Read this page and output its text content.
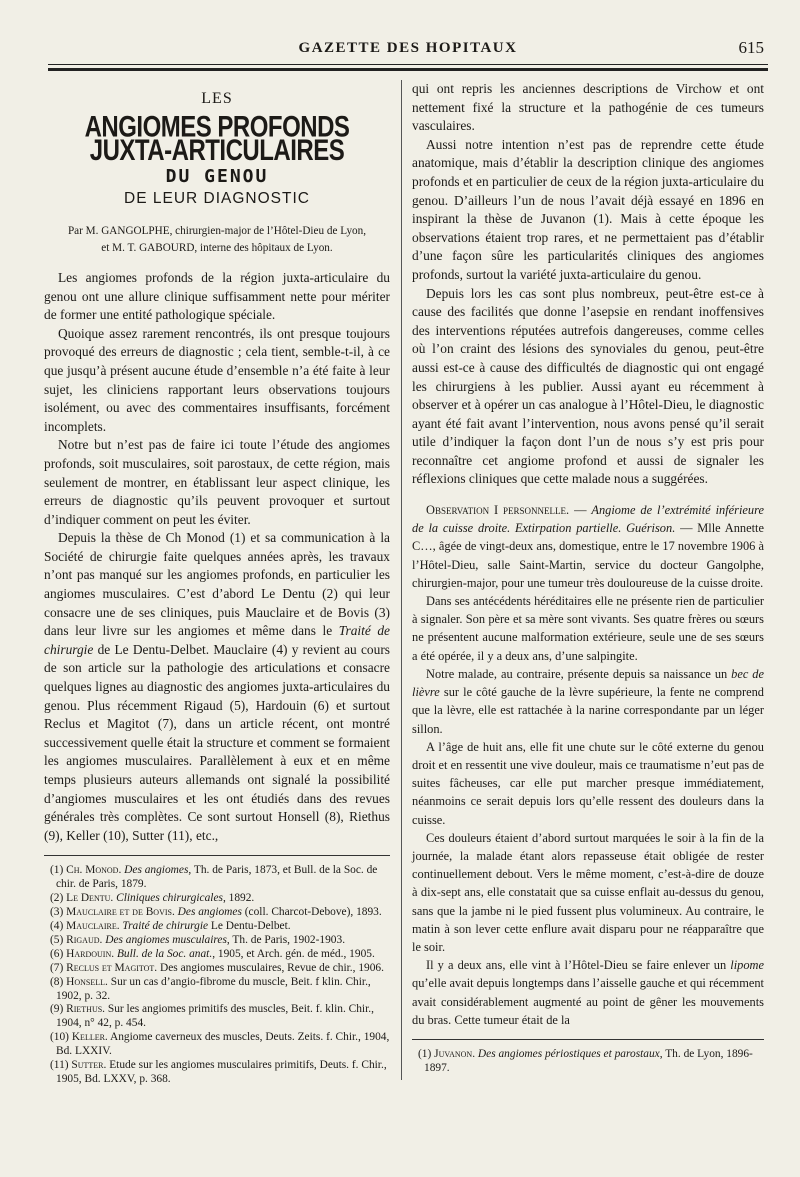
GAZETTE DES HOPITAUX	615
LES
ANGIOMES PROFONDS JUXTA-ARTICULAIRES
DU GENOU
DE LEUR DIAGNOSTIC
Par M. GANGOLPHE, chirurgien-major de l’Hôtel-Dieu de Lyon,
et M. T. GABOURD, interne des hôpitaux de Lyon.

Les angiomes profonds de la région juxta-articulaire du genou ont une allure clinique suffisamment nette pour mériter de former une entité pathologique spéciale.

Quoique assez rarement rencontrés, ils ont presque toujours provoqué des erreurs de diagnostic ; cela tient, semble-t-il, à ce que jusqu’à présent aucune étude d’ensemble n’a été faite à leur sujet, les cliniciens rapportant leurs observations toujours isolément, ou avec des commentaires insuffisants, forcément incomplets.

Notre but n’est pas de faire ici toute l’étude des angiomes profonds, soit musculaires, soit parostaux, de cette région, mais seulement de montrer, en établissant leur aspect clinique, les erreurs de diagnostic qu’ils peuvent provoquer et surtout d’indiquer comment on peut les éviter.

Depuis la thèse de Ch Monod (1) et sa communication à la Société de chirurgie faite quelques années après, les travaux n’ont pas manqué sur les angiomes profonds, en particulier les angiomes musculaires. C’est d’abord Le Dentu (2) qui leur consacre une de ses cliniques, puis Mauclaire et de Bovis (3) dans leur livre sur les angiomes et même dans le Traité de chirurgie de Le Dentu-Delbet. Mauclaire (4) y revient au cours de son article sur la pathologie des articulations et consacre quelques lignes au diagnostic des angiomes juxta-articulaires du genou. Plus récemment Rigaud (5), Hardouin (6) et surtout Reclus et Magitot (7), dans un article récent, ont montré successivement quelle était la structure et comment se formaient les angiomes musculaires. Parallèlement à eux et en même temps plusieurs auteurs allemands ont signalé la possibilité d’angiomes musculaires et les ont étudiés dans des revues générales très complètes. Ce sont surtout Honsell (8), Riethus (9), Keller (10), Sutter (11), etc.,

(1) Ch. Monod. Des angiomes, Th. de Paris, 1873, et Bull. de la Soc. de chir. de Paris, 1879.
(2) Le Dentu. Cliniques chirurgicales, 1892.
(3) Mauclaire et de Bovis. Des angiomes (coll. Charcot-Debove), 1893.
(4) Mauclaire. Traité de chirurgie Le Dentu-Delbet.
(5) Rigaud. Des angiomes musculaires, Th. de Paris, 1902-1903.
(6) Hardouin. Bull. de la Soc. anat., 1905, et Arch. gén. de méd., 1905.
(7) Reclus et Magitot. Des angiomes musculaires, Revue de chir., 1906.
(8) Honsell. Sur un cas d’angio-fibrome du muscle, Beit. f klin. Chir., 1902, p. 32.
(9) Riethus. Sur les angiomes primitifs des muscles, Beit. f. klin. Chir., 1904, n° 42, p. 454.
(10) Keller. Angiome caverneux des muscles, Deuts. Zeits. f. Chir., 1904, Bd. LXXIV.
(11) Sutter. Etude sur les angiomes musculaires primitifs, Deuts. f. Chir., 1905, Bd. LXXV, p. 368.

qui ont repris les anciennes descriptions de Virchow et ont nettement fixé la structure et la pathogénie de ces tumeurs vasculaires.

Aussi notre intention n’est pas de reprendre cette étude anatomique, mais d’établir la description clinique des angiomes profonds et en particulier de ceux de la région juxta-articulaire du genou. D’ailleurs l’un de nous l’avait déjà essayé en 1896 en inspirant la thèse de Juvanon (1). Mais à cette époque les observations étaient trop rares, et ne permettaient pas d’établir d’une façon sûre les particularités cliniques des angiomes profonds, surtout la variété juxta-articulaire du genou.

Depuis lors les cas sont plus nombreux, peut-être est-ce à cause des facilités que donne l’asepsie en rendant inoffensives des interventions réputées autrefois dangereuses, comme celles où l’on craint des lésions des synoviales du genou, peut-être aussi est-ce à cause des difficultés de diagnostic qui ont engagé les chirurgiens à les publier. Aussi ayant eu récemment à observer et à opérer un cas analogue à l’Hôtel-Dieu, le diagnostic ayant été fait avant l’intervention, nous avons pensé qu’il serait utile d’indiquer la façon dont l’un de nous s’y est pris pour reconnaître cet angiome profond et aussi de signaler les réflexions cliniques que cette malade nous a suggérées.

Observation I personnelle. — Angiome de l’extrémité inférieure de la cuisse droite. Extirpation partielle. Guérison. — Mlle Annette C…, âgée de vingt-deux ans, domestique, entre le 17 novembre 1906 à l’Hôtel-Dieu, salle Saint-Martin, service du docteur Gangolphe, chirurgien-major, pour une tumeur très douloureuse de la cuisse droite.
Dans ses antécédents héréditaires elle ne présente rien de particulier à signaler. Son père et sa mère sont vivants. Ses quatre frères ou sœurs ne présentent aucune malformation extérieure, seule une de ses sœurs a été opérée, il y a deux ans, d’une salpingite.
Notre malade, au contraire, présente depuis sa naissance un bec de lièvre sur le côté gauche de la lèvre supérieure, la fente ne comprend que la lèvre, elle est rattachée à la narine correspondante par un léger sillon.
A l’âge de huit ans, elle fit une chute sur le côté externe du genou droit et en ressentit une vive douleur, mais ce traumatisme n’eut pas de suites fâcheuses, car elle put marcher presque immédiatement, néanmoins ce serait depuis lors qu’elle ressent des douleurs dans la cuisse.
Ces douleurs étaient d’abord surtout marquées le soir à la fin de la journée, la malade étant alors repasseuse était obligée de rester continuellement debout. Vers le même moment, c’est-à-dire de douze à dix-sept ans, elle constatait que sa cuisse enflait au-dessus du genou, sans que la jambe ni le pied fussent plus volumineux. Au contraire, le matin à son lever cette enflure avait disparu pour ne réapparaître que le soir.
Il y a deux ans, elle vint à l’Hôtel-Dieu se faire enlever un lipome qu’elle avait depuis longtemps dans l’aisselle gauche et qui récemment avait considérablement augmenté au point de gêner les mouvements du bras. Cette tumeur était de la
(1) Juvanon. Des angiomes périostiques et parostaux, Th. de Lyon, 1896-1897.
